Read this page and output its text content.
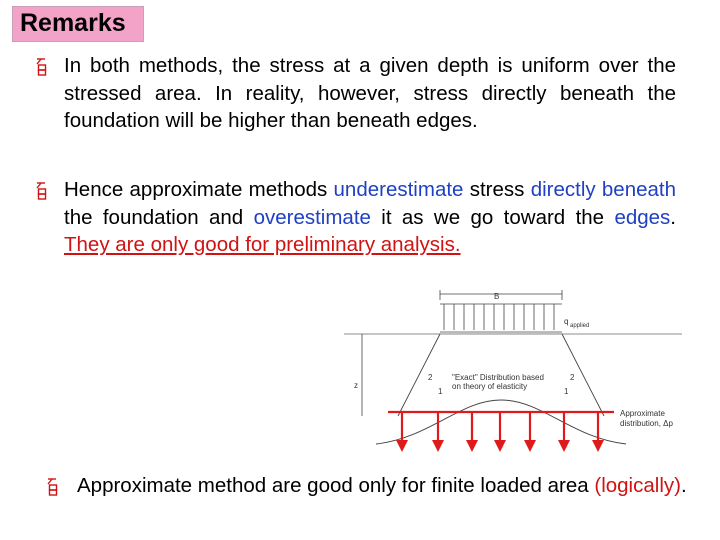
Remarks
In both methods, the stress at a given depth is uniform over the stressed area. In reality, however, stress directly beneath the foundation will be higher than beneath edges.
Hence approximate methods underestimate stress directly beneath the foundation and overestimate it as we go toward the edges. They are only good for preliminary analysis.
B
q applied
z
2
1
2
1
"Exact" Distribution based
on theory of elasticity
Approximate
distribution, Δp
Approximate method are good only for finite loaded area (logically).
